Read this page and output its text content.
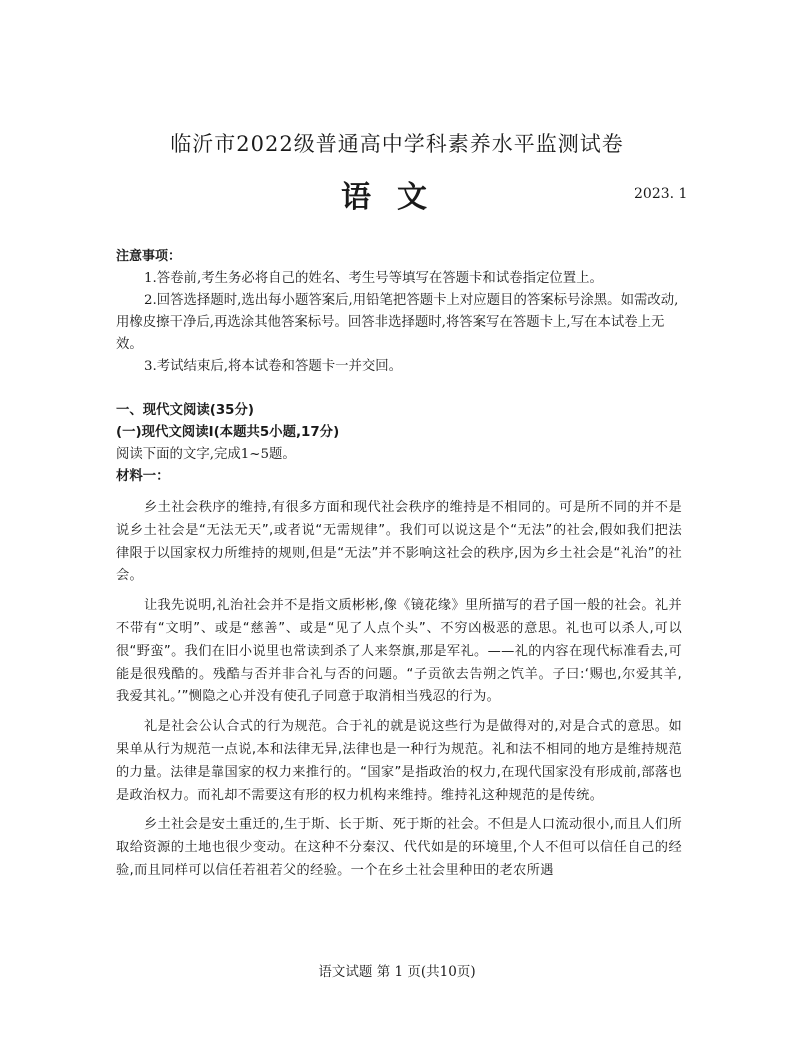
临沂市2022级普通高中学科素养水平监测试卷
语文	2023. 1
注意事项：

1.答卷前,考生务必将自己的姓名、考生号等填写在答题卡和试卷指定位置上。

2.回答选择题时,选出每小题答案后,用铅笔把答题卡上对应题目的答案标号涂黑。如需改动,用橡皮擦干净后,再选涂其他答案标号。回答非选择题时,将答案写在答题卡上,写在本试卷上无效。

3.考试结束后,将本试卷和答题卡一并交回。

一、现代文阅读(35分)
(一)现代文阅读Ⅰ(本题共5小题,17分)
阅读下面的文字,完成1~5题。
材料一：

乡土社会秩序的维持,有很多方面和现代社会秩序的维持是不相同的。可是所不同的并不是说乡土社会是“无法无天”,或者说“无需规律”。我们可以说这是个“无法”的社会,假如我们把法律限于以国家权力所维持的规则,但是“无法”并不影响这社会的秩序,因为乡土社会是“礼治”的社会。

让我先说明,礼治社会并不是指文质彬彬,像《镜花缘》里所描写的君子国一般的社会。礼并不带有“文明”、或是“慈善”、或是“见了人点个头”、不穷凶极恶的意思。礼也可以杀人,可以很“野蛮”。我们在旧小说里也常读到杀了人来祭旗,那是军礼。——礼的内容在现代标准看去,可能是很残酷的。残酷与否并非合礼与否的问题。“子贡欲去告朔之饩羊。子曰:‘赐也,尔爱其羊,我爱其礼。’”恻隐之心并没有使孔子同意于取消相当残忍的行为。

礼是社会公认合式的行为规范。合于礼的就是说这些行为是做得对的,对是合式的意思。如果单从行为规范一点说,本和法律无异,法律也是一种行为规范。礼和法不相同的地方是维持规范的力量。法律是靠国家的权力来推行的。“国家”是指政治的权力,在现代国家没有形成前,部落也是政治权力。而礼却不需要这有形的权力机构来维持。维持礼这种规范的是传统。

乡土社会是安土重迁的,生于斯、长于斯、死于斯的社会。不但是人口流动很小,而且人们所取给资源的土地也很少变动。在这种不分秦汉、代代如是的环境里,个人不但可以信任自己的经验,而且同样可以信任若祖若父的经验。一个在乡土社会里种田的老农所遇

语文试题 第 1 页(共10页)
